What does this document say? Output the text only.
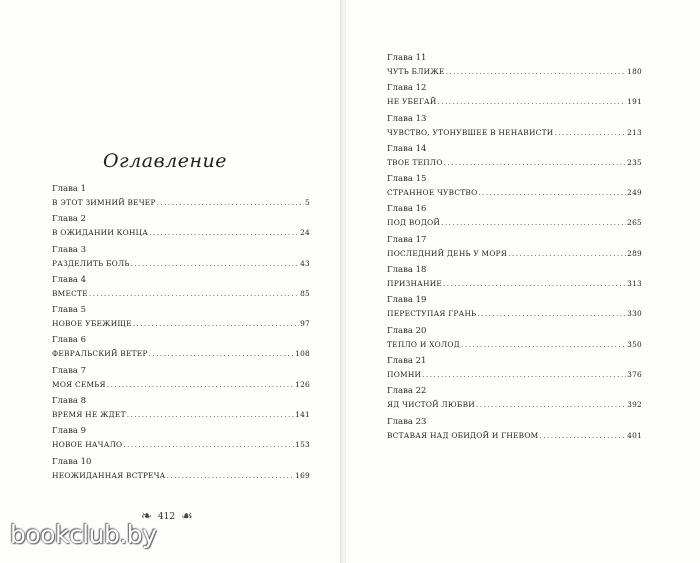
Оглавление
❧ 412 ☙
Глава 1
В ЭТОТ ЗИМНИЙ ВЕЧЕР .....	5
Глава 2
В ОЖИДАНИИ КОНЦА .....	24
Глава 3
РАЗДЕЛИТЬ БОЛЬ .....	43
Глава 4
ВМЕСТЕ .....	85
Глава 5
НОВОЕ УБЕЖИЩЕ .....	97
Глава 6
ФЕВРАЛЬСКИЙ ВЕТЕР .....	108
Глава 7
МОЯ СЕМЬЯ .....	126
Глава 8
ВРЕМЯ НЕ ЖДЕТ .....	141
Глава 9
НОВОЕ НАЧАЛО .....	153
Глава 10
НЕОЖИДАННАЯ ВСТРЕЧА .....	169
Глава 11
ЧУТЬ БЛИЖЕ .....	180
Глава 12
НЕ УБЕГАЙ .....	191
Глава 13
ЧУВСТВО, УТОНУВШЕЕ В НЕНАВИСТИ .....	213
Глава 14
ТВОЕ ТЕПЛО .....	235
Глава 15
СТРАННОЕ ЧУВСТВО .....	249
Глава 16
ПОД ВОДОЙ .....	265
Глава 17
ПОСЛЕДНИЙ ДЕНЬ У МОРЯ .....	289
Глава 18
ПРИЗНАНИЕ .....	313
Глава 19
ПЕРЕСТУПАЯ ГРАНЬ .....	330
Глава 20
ТЕПЛО И ХОЛОД .....	350
Глава 21
ПОМНИ .....	376
Глава 22
ЯД ЧИСТОЙ ЛЮБВИ .....	392
Глава 23
ВСТАВАЯ НАД ОБИДОЙ И ГНЕВОМ .....	401
bookclub.by
